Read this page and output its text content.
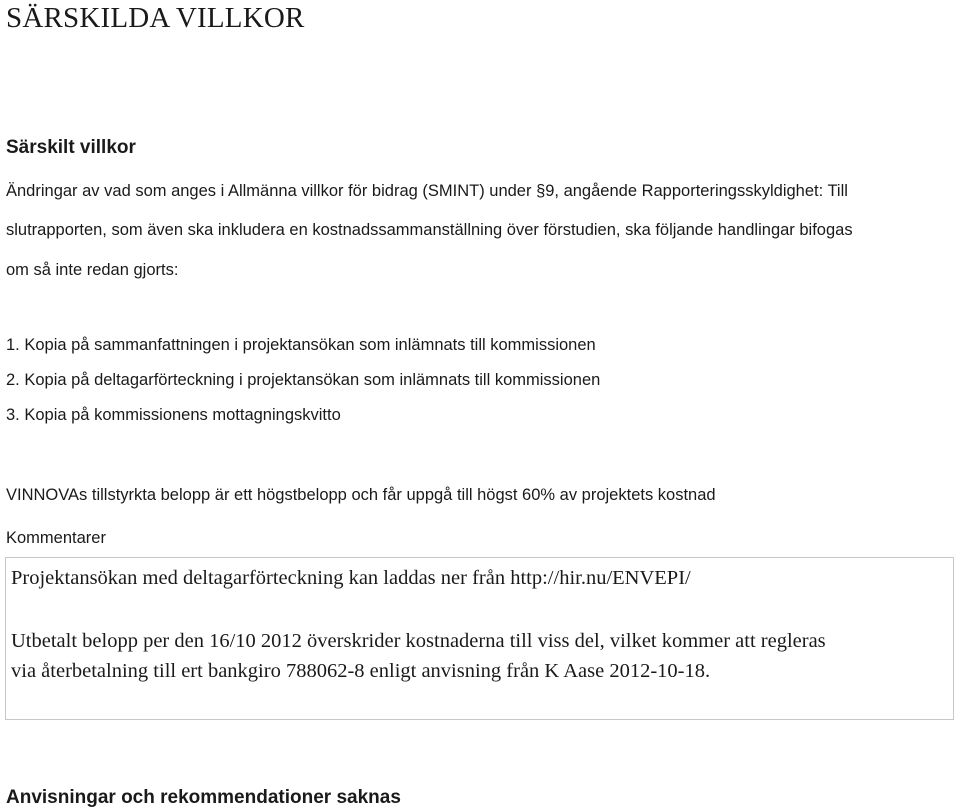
SÄRSKILDA VILLKOR
Särskilt villkor
Ändringar av vad som anges i Allmänna villkor för bidrag (SMINT) under §9, angående Rapporteringsskyldighet: Till
slutrapporten, som även ska inkludera en kostnadssammanställning över förstudien, ska följande handlingar bifogas
om så inte redan gjorts:
1. Kopia på sammanfattningen i projektansökan som inlämnats till kommissionen
2. Kopia på deltagarförteckning i projektansökan som inlämnats till kommissionen
3. Kopia på kommissionens mottagningskvitto
VINNOVAs tillstyrkta belopp är ett högstbelopp och får uppgå till högst 60% av projektets kostnad
Kommentarer

Projektansökan med deltagarförteckning kan laddas ner från http://hir.nu/ENVEPI/

Utbetalt belopp per den 16/10 2012 överskrider kostnaderna till viss del, vilket kommer att regleras

via återbetalning till ert bankgiro 788062-8 enligt anvisning från K Aase 2012-10-18.

Anvisningar och rekommendationer saknas
